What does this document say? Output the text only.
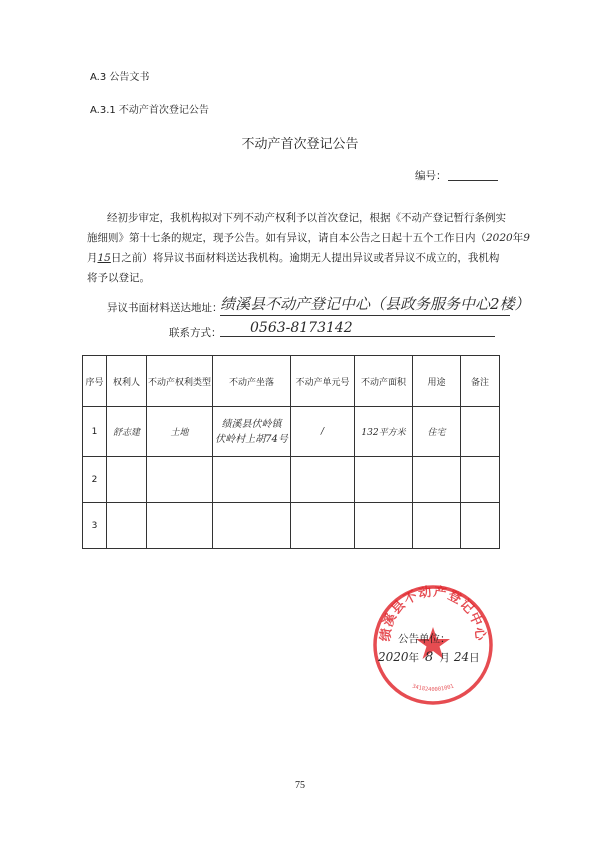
A.3 公告文书
A.3.1 不动产首次登记公告
不动产首次登记公告
编号：
经初步审定，我机构拟对下列不动产权利予以首次登记，根据《不动产登记暂行条例实
施细则》第十七条的规定，现予公告。如有异议，请自本公告之日起十五个工作日内（2020年9
月15日之前）将异议书面材料送达我机构。逾期无人提出异议或者异议不成立的，我机构
将予以登记。
异议书面材料送达地址：
绩溪县不动产登记中心（县政务服务中心2楼）
联系方式：	0563-8173142
序号	权利人	不动产权利类型	不动产坐落	不动产单元号	不动产面积	用途	备注
1	舒志建	土地	绩溪县伏岭镇
伏岭村上胡74号	/	132平方米	住宅	
2							
3							
绩溪县不动产登记中心
3418240001001
公告单位：
2020年 8 月 24日
75
